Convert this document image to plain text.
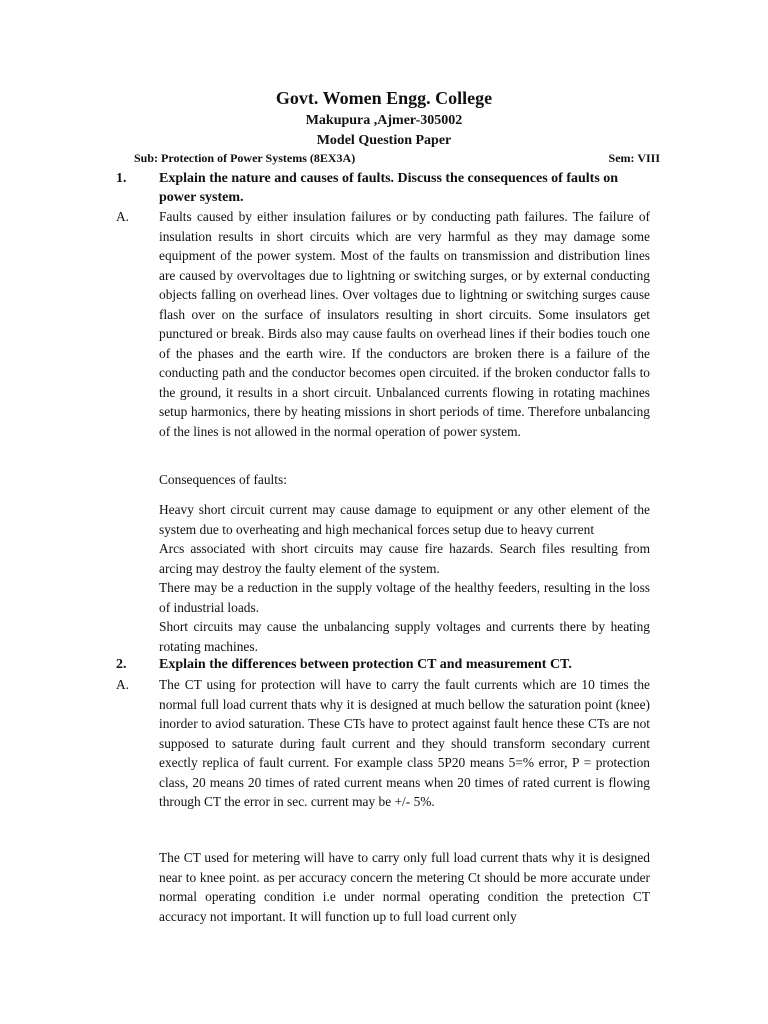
Govt. Women Engg. College
Makupura ,Ajmer-305002
Model Question Paper
Sub: Protection of Power Systems (8EX3A)	Sem: VIII
1. Explain the nature and causes of faults. Discuss the consequences of faults on power system.
A. Faults caused by either insulation failures or by conducting path failures. The failure of insulation results in short circuits which are very harmful as they may damage some equipment of the power system. Most of the faults on transmission and distribution lines are caused by overvoltages due to lightning or switching surges, or by external conducting objects falling on overhead lines. Over voltages due to lightning or switching surges cause flash over on the surface of insulators resulting in short circuits. Some insulators get punctured or break. Birds also may cause faults on overhead lines if their bodies touch one of the phases and the earth wire. If the conductors are broken there is a failure of the conducting path and the conductor becomes open circuited. if the broken conductor falls to the ground, it results in a short circuit. Unbalanced currents flowing in rotating machines setup harmonics, there by heating missions in short periods of time. Therefore unbalancing of the lines is not allowed in the normal operation of power system.
Consequences of faults:
Heavy short circuit current may cause damage to equipment or any other element of the system due to overheating and high mechanical forces setup due to heavy current
Arcs associated with short circuits may cause fire hazards. Search files resulting from arcing may destroy the faulty element of the system.
There may be a reduction in the supply voltage of the healthy feeders, resulting in the loss of industrial loads.
Short circuits may cause the unbalancing supply voltages and currents there by heating rotating machines.
2. Explain the differences between protection CT and measurement CT.
A. The CT using for protection will have to carry the fault currents which are 10 times the normal full load current thats why it is designed at much bellow the saturation point (knee) inorder to aviod saturation. These CTs have to protect against fault hence these CTs are not supposed to saturate during fault current and they should transform secondary current exectly replica of fault current. For example class 5P20 means 5=% error, P = protection class, 20 means 20 times of rated current means when 20 times of rated current is flowing through CT the error in sec. current may be +/- 5%.
The CT used for metering will have to carry only full load current thats why it is designed near to knee point. as per accuracy concern the metering Ct should be more accurate under normal operating condition i.e under normal operating condition the pretection CT accuracy not important. It will function up to full load current only
